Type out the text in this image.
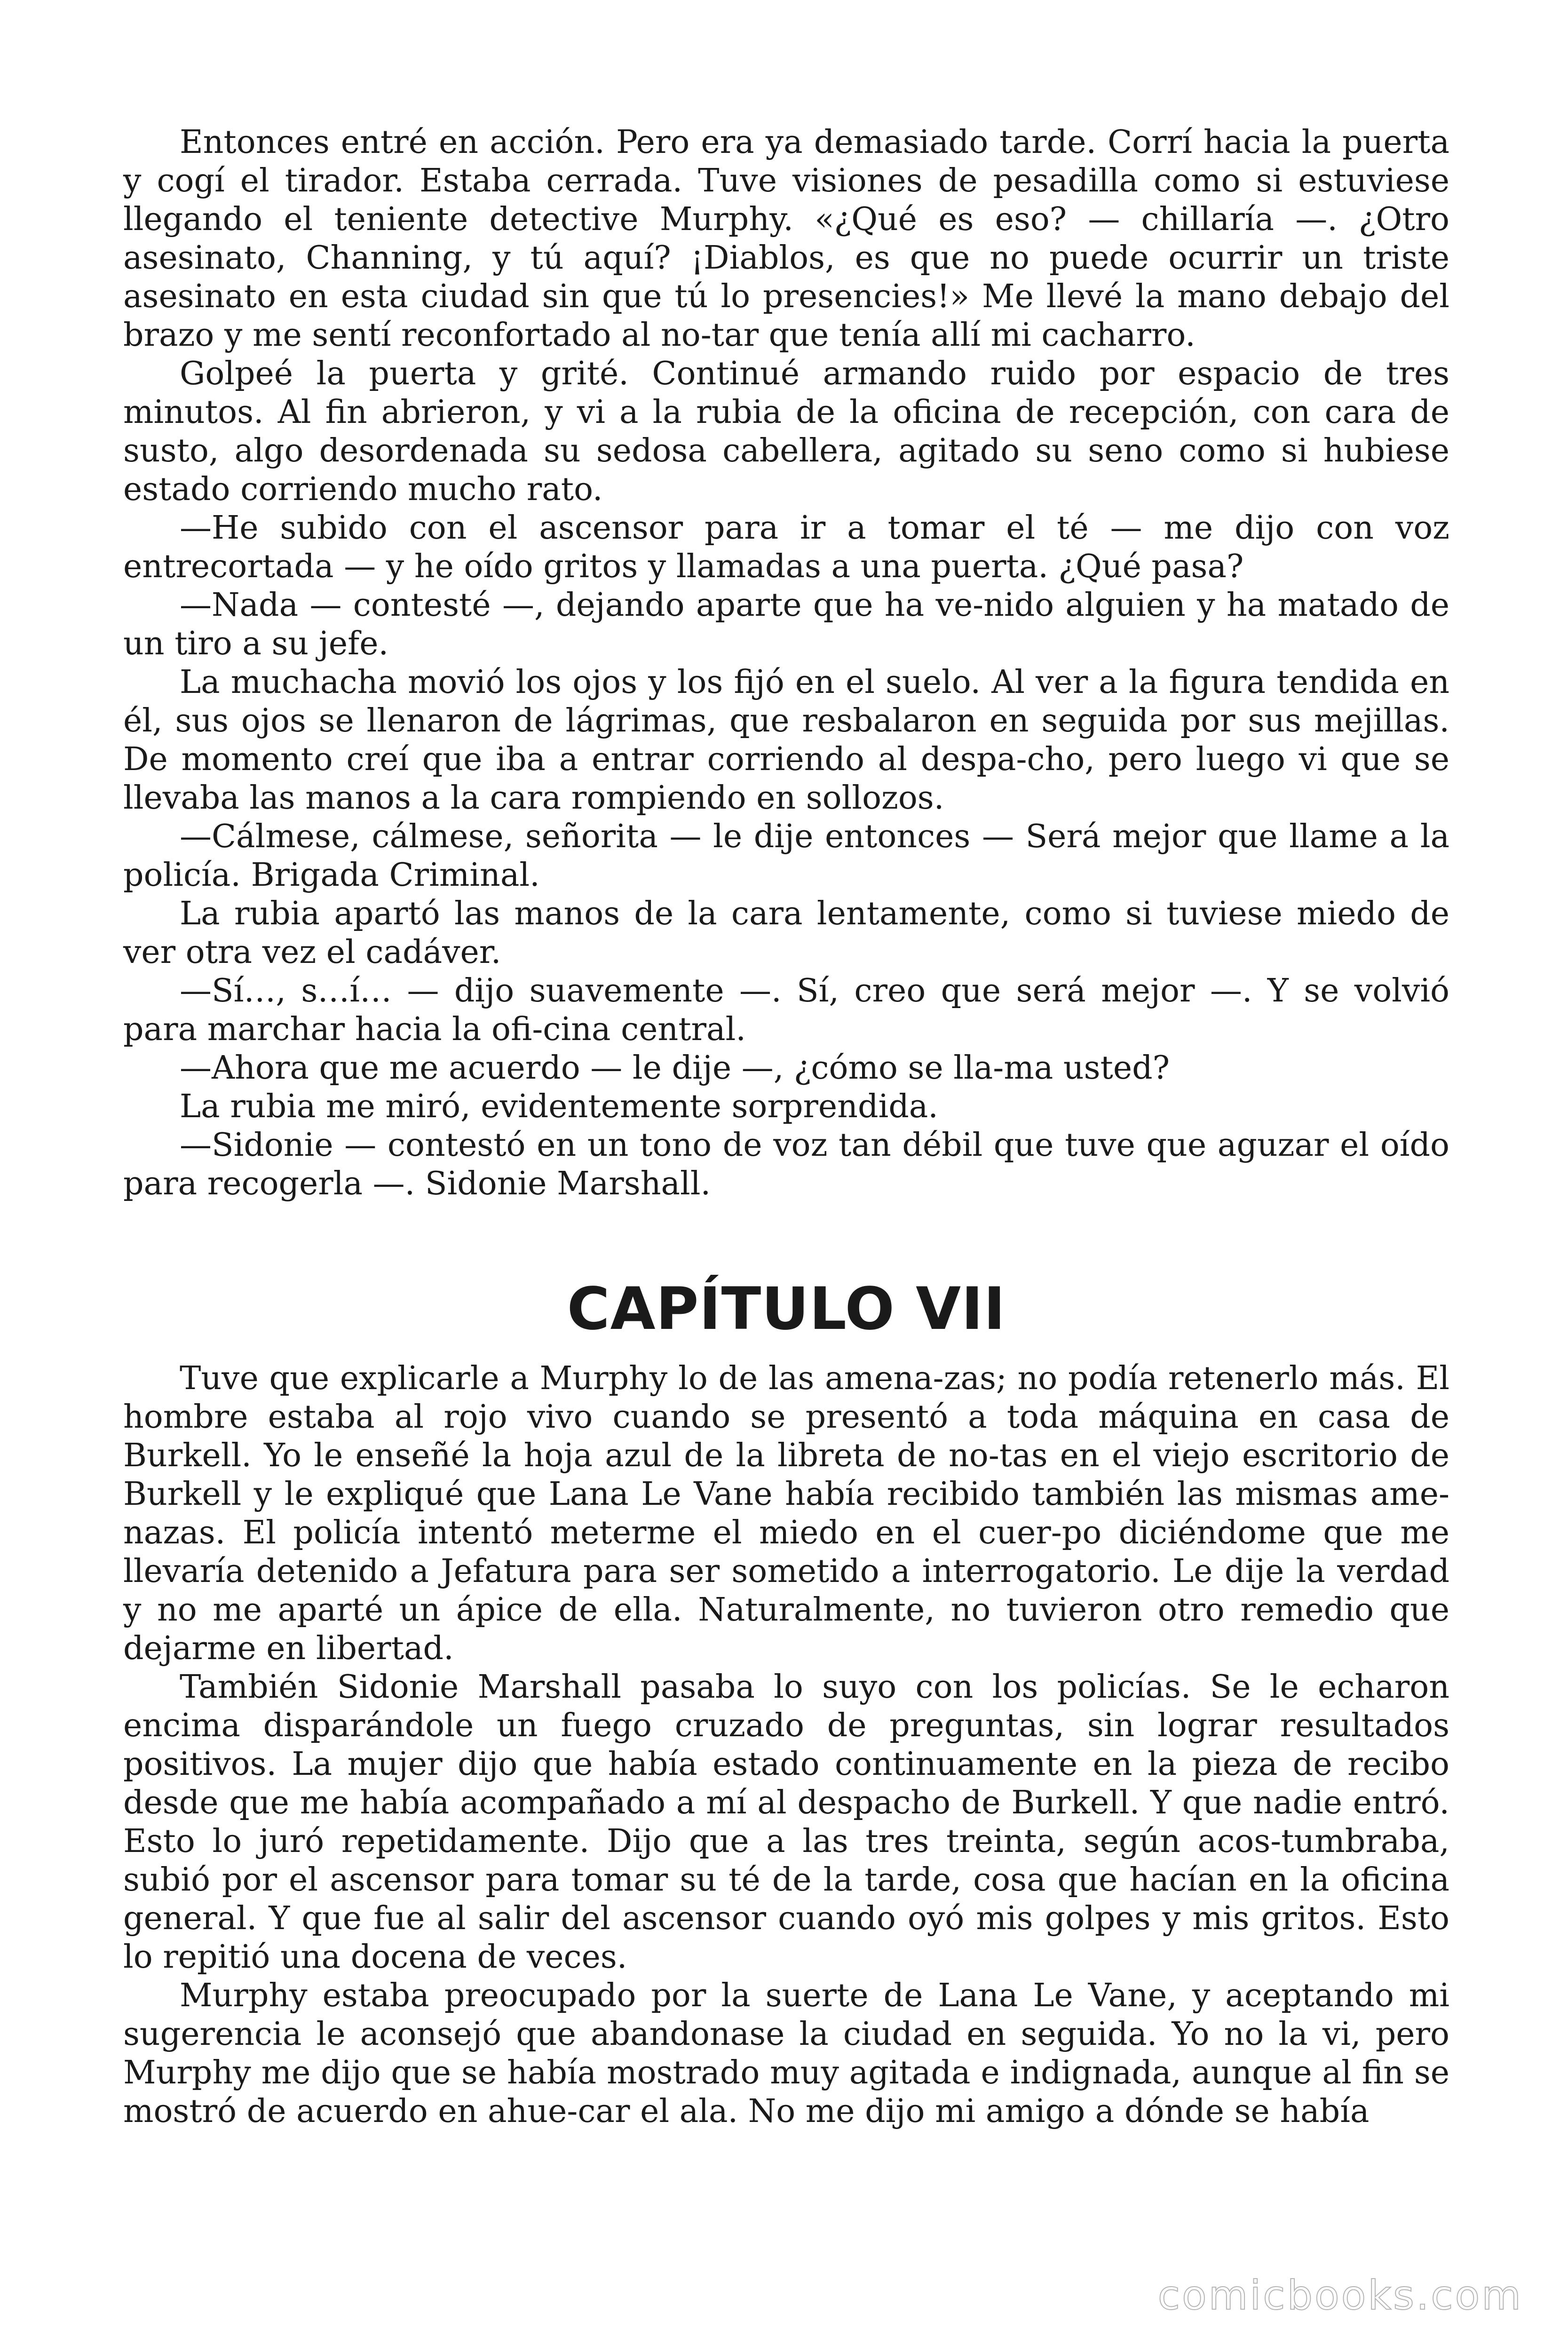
Entonces entré en acción. Pero era ya demasiado tarde. Corrí hacia la puerta y cogí el tirador. Estaba cerrada. Tuve visiones de pesadilla como si estuviese llegando el teniente detective Murphy. «¿Qué es eso? — chillaría —. ¿Otro asesinato, Channing, y tú aquí? ¡Diablos, es que no puede ocurrir un triste asesinato en esta ciudad sin que tú lo presencies!» Me llevé la mano debajo del brazo y me sentí reconfortado al no-tar que tenía allí mi cacharro.

Golpeé la puerta y grité. Continué armando ruido por espacio de tres minutos. Al fin abrieron, y vi a la rubia de la oficina de recepción, con cara de susto, algo desordenada su sedosa cabellera, agitado su seno como si hubiese estado corriendo mucho rato.

—He subido con el ascensor para ir a tomar el té — me dijo con voz entrecortada — y he oído gritos y llamadas a una puerta. ¿Qué pasa?

—Nada — contesté —, dejando aparte que ha ve-nido alguien y ha matado de un tiro a su jefe.

La muchacha movió los ojos y los fijó en el suelo. Al ver a la figura tendida en él, sus ojos se llenaron de lágrimas, que resbalaron en seguida por sus mejillas. De momento creí que iba a entrar corriendo al despa-cho, pero luego vi que se llevaba las manos a la cara rompiendo en sollozos.

—Cálmese, cálmese, señorita — le dije entonces — Será mejor que llame a la policía. Brigada Criminal.

La rubia apartó las manos de la cara lentamente, como si tuviese miedo de ver otra vez el cadáver.

—Sí…, s…í… — dijo suavemente —. Sí, creo que será mejor —. Y se volvió para marchar hacia la ofi-cina central.

—Ahora que me acuerdo — le dije —, ¿cómo se lla-ma usted?

La rubia me miró, evidentemente sorprendida.

—Sidonie — contestó en un tono de voz tan débil que tuve que aguzar el oído para recogerla —. Sidonie Marshall.

CAPÍTULO VII

Tuve que explicarle a Murphy lo de las amena-zas; no podía retenerlo más. El hombre estaba al rojo vivo cuando se presentó a toda máquina en casa de Burkell. Yo le enseñé la hoja azul de la libreta de no-tas en el viejo escritorio de Burkell y le expliqué que Lana Le Vane había recibido también las mismas ame-nazas. El policía intentó meterme el miedo en el cuer-po diciéndome que me llevaría detenido a Jefatura para ser sometido a interrogatorio. Le dije la verdad y no me aparté un ápice de ella. Naturalmente, no tuvieron otro remedio que dejarme en libertad.

También Sidonie Marshall pasaba lo suyo con los policías. Se le echaron encima disparándole un fuego cruzado de preguntas, sin lograr resultados positivos. La mujer dijo que había estado continuamente en la pieza de recibo desde que me había acompañado a mí al despacho de Burkell. Y que nadie entró. Esto lo juró repetidamente. Dijo que a las tres treinta, según acos-tumbraba, subió por el ascensor para tomar su té de la tarde, cosa que hacían en la oficina general. Y que fue al salir del ascensor cuando oyó mis golpes y mis gritos. Esto lo repitió una docena de veces.

Murphy estaba preocupado por la suerte de Lana Le Vane, y aceptando mi sugerencia le aconsejó que abandonase la ciudad en seguida. Yo no la vi, pero Murphy me dijo que se había mostrado muy agitada e indignada, aunque al fin se mostró de acuerdo en ahue-car el ala. No me dijo mi amigo a dónde se había

comicbooks.com
